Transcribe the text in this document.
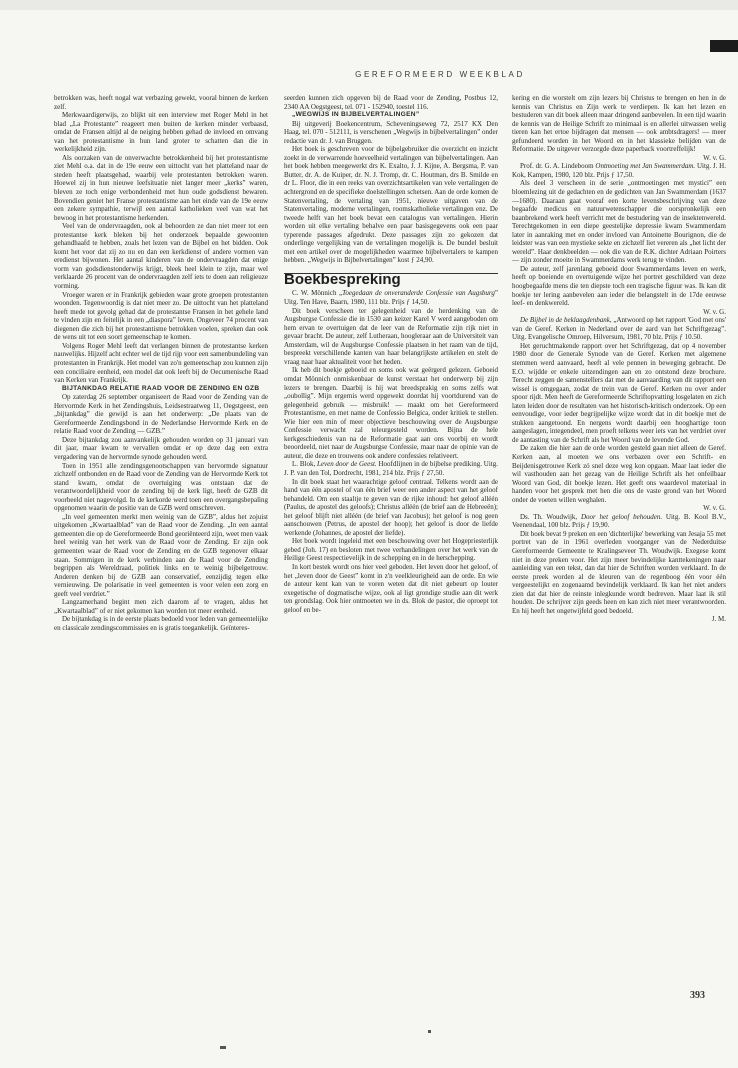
GEREFORMEERD WEEKBLAD

betrokken was, heeft nogal wat verbazing gewekt, vooral binnen de kerken zelf.

Merkwaardigerwijs, zo blijkt uit een interview met Roger Mehl in het blad „La Protestante” reageert men buiten de kerken minder verbaasd, omdat de Fransen altijd al de neiging hebben gehad de invloed en omvang van het protestantisme in hun land groter te schatten dan die in werkelijkheid zijn.

Als oorzaken van de onverwachte betrokkenheid bij het protestantisme ziet Mehl o.a. dat in de 19e eeuw een uittocht van het platteland naar de steden heeft plaatsgehad, waarbij vele protestanten betrokken waren. Hoewel zij in hun nieuwe leefsituatie niet langer meer „kerks” waren, bleven ze toch enige verbondenheid met hun oude godsdienst bewaren. Bovendien geniet het Franse protestantisme aan het einde van de 19e eeuw een zekere sympathie, terwijl een aantal katholieken veel van wat het bewoog in het protestantisme herkenden.

Veel van de ondervraagden, ook al behoorden ze dan niet meer tot een protestantse kerk bleken bij het onderzoek bepaalde gewoonten gehandhaafd te hebben, zoals het lezen van de Bijbel en het bidden. Ook komt het voor dat zij zo nu en dan een kerkdienst of andere vormen van eredienst bijwonen. Het aantal kinderen van de ondervraagden dat enige vorm van godsdienstonderwijs krijgt, bleek heel klein te zijn, maar wel verklaarde 26 procent van de ondervraagden zelf iets te doen aan religieuze vorming.

Vroeger waren er in Frankrijk gebieden waar grote groepen protestanten woonden. Tegenwoordig is dat niet meer zo. De uittocht van het platteland heeft mede tot gevolg gehad dat de protestantse Fransen in het gehele land te vinden zijn en feitelijk in een „diaspora” leven. Ongeveer 74 procent van diegenen die zich bij het protestantisme betrokken voelen, spreken dan ook de wens uit tot een soort gemeenschap te komen.

Volgens Roger Mehl leeft dat verlangen binnen de protestantse kerken nauwelijks. Hijzelf acht echter wel de tijd rijp voor een samenbundeling van protestanten in Frankrijk. Het model van zo'n gemeenschap zou kunnen zijn een conciliaire eenheid, een model dat ook leeft bij de Oecumenische Raad van Kerken van Frankrijk.

BIJTANKDAG RELATIE RAAD VOOR DE ZENDING EN GZB

Op zaterdag 26 september organiseert de Raad voor de Zending van de Hervormde Kerk in het Zendingshuis, Leidsestraatweg 11, Oegstgeest, een „bijtankdag” die gewijd is aan het onderwerp: „De plaats van de Gereformeerde Zendingsbond in de Nederlandse Hervormde Kerk en de relatie Raad voor de Zending — GZB.”

Deze bijtankdag zou aanvankelijk gehouden worden op 31 januari van dit jaar, maar kwam te vervallen omdat er op deze dag een extra vergadering van de hervormde synode gehouden werd.

Toen in 1951 alle zendingsgenootschappen van hervormde signatuur zichzelf ontbonden en de Raad voor de Zending van de Hervormde Kerk tot stand kwam, omdat de overtuiging was ontstaan dat de verantwoordelijkheid voor de zending bij de kerk ligt, heeft de GZB dit voorbeeld niet nagevolgd. In de kerkorde werd toen een overgangsbepaling opgenomen waarin de positie van de GZB werd omschreven.

„In veel gemeenten merkt men weinig van de GZB”, aldus het zojuist uitgekomen „Kwartaalblad” van de Raad voor de Zending. „In een aantal gemeenten die op de Gereformeerde Bond georiënteerd zijn, weet men vaak heel weinig van het werk van de Raad voor de Zending. Er zijn ook gemeenten waar de Raad voor de Zending en de GZB tegenover elkaar staan. Sommigen in de kerk verbinden aan de Raad voor de Zending begrippen als Wereldraad, politiek links en te weinig bijbelgetrouw. Anderen denken bij de GZB aan conservatief, eenzijdig tegen elke vernieuwing. De polarisatie in veel gemeenten is voor velen een zorg en geeft veel verdriet.”

Langzamerhand begint men zich daarom af te vragen, aldus het „Kwartaalblad” of er niet gekomen kan worden tot meer eenheid.

De bijtankdag is in de eerste plaats bedoeld voor leden van gemeentelijke en classicale zendingscommissies en is gratis toegankelijk. Geïnteres-

seerden kunnen zich opgeven bij de Raad voor de Zending, Postbus 12, 2340 AA Oegstgeest, tel. 071 - 152940, toestel 116.

„WEGWIJS IN BIJBELVERTALINGEN”

Bij uitgeverij Boekencentrum, Scheveningseweg 72, 2517 KX Den Haag, tel. 070 - 512111, is verschenen „Wegwijs in bijbelvertalingen” onder redactie van dr. J. van Bruggen.

Het boek is geschreven voor de bijbelgebruiker die overzicht en inzicht zoekt in de verwarrende hoeveelheid vertalingen van bijbelvertalingen. Aan het boek hebben meegewerkt drs K. Exalto, J. J. Kijne, A. Bergsma, P. van Butter, dr. A. de Kuiper, dr. N. J. Tromp, dr. C. Houtman, drs B. Smilde en dr L. Floor, die in een reeks van overzichtsartikelen van vele vertalingen de achtergrond en de specifieke doelstellingen schetsen. Aan de orde komen de Statenvertaling, de vertaling van 1951, nieuwe uitgaven van de Statenvertaling, moderne vertalingen, roomskatholieke vertalingen enz. De tweede helft van het boek bevat een catalogus van vertalingen. Hierin worden uit elke vertaling behalve een paar basisgegevens ook een paar typerende passages afgedrukt. Deze passages zijn zo gekozen dat onderlinge vergelijking van de vertalingen mogelijk is. De bundel besluit met een artikel over de mogelijkheden waarmee bijbelvertalers te kampen hebben. „Wegwijs in Bijbelvertalingen” kost ƒ 24,90.

Boekbespreking

C. W. Mönnich „Toegedaan de onveranderde Confessie van Augsburg” Uitg. Ten Have, Baarn, 1980, 111 blz. Prijs ƒ 14,50.

Dit boek verscheen ter gelegenheid van de herdenking van de Augsburgse Confessie die in 1530 aan keizer Karel V werd aangeboden om hem ervan te overtuigen dat de leer van de Reformatie zijn rijk niet in gevaar bracht. De auteur, zelf Lutheraan, hoogleraar aan de Universiteit van Amsterdam, wil de Augsburgse Confessie plaatsen in het raam van de tijd, bespreekt verschillende kanten van haar belangrijkste artikelen en stelt de vraag naar haar aktualiteit voor het heden.

Ik heb dit boekje geboeid en soms ook wat geërgerd gelezen. Geboeid omdat Mönnich onmiskenbaar de kunst verstaat het onderwerp bij zijn lezers te brengen. Daarbij is hij wat breedsprakig en soms zelfs wat „oubollig”. Mijn ergernis werd opgewekt doordat hij voortdurend van de gelegenheid gebruik — misbruik! — maakt om het Gereformeerd Protestantisme, en met name de Confessio Belgica, onder kritiek te stellen. Wie hier een min of meer objectieve beschouwing over de Augsburgse Confessie verwacht zal teleurgesteld worden. Bijna de hele kerkgeschiedenis van na de Reformatie gaat aan ons voorbij en wordt beoordeeld, niet naar de Augsburgse Confessie, maar naar de opinie van de auteur, die deze en trouwens ook andere confessies relativeert.

L. Blok, Leven door de Geest. Hoofdlijnen in de bijbelse prediking. Uitg. J. P. van den Tol, Dordrecht, 1981, 214 blz. Prijs ƒ 27,50.

In dit boek staat het waarachtige geloof centraal. Telkens wordt aan de hand van één apostel of van één brief weer een ander aspect van het geloof behandeld. Om een staaltje te geven van de rijke inhoud: het geloof alléén (Paulus, de apostel des geloofs); Christus alléén (de brief aan de Hebreeën); het geloof blijft niet alléén (de brief van Jacobus); het geloof is nog geen aanschouwen (Petrus, de apostel der hoop); het geloof is door de liefde werkende (Johannes, de apostel der liefde).

Het boek wordt ingeleid met een beschouwing over het Hogepriesterlijk gebed (Joh. 17) en besloten met twee verhandelingen over het werk van de Heilige Geest respectievelijk in de schepping en in de herschepping.

In kort bestek wordt ons hier veel geboden. Het leven door het geloof, of het „leven door de Geest” komt in z'n veelkleurigheid aan de orde. En wie de auteur kent kan van te voren weten dat dit niet gebeurt op louter exegetische of dogmatische wijze, ook al ligt grondige studie aan dit werk ten grondslag. Ook hier ontmoeten we in ds. Blok de pastor, die oproept tot geloof en be-

kering en die worstelt om zijn lezers bij Christus te brengen en hen in de kennis van Christus en Zijn werk te verdiepen. Ik kan het lezen en bestuderen van dit boek alleen maar dringend aanbevelen. In een tijd waarin de kennis van de Heilige Schrift zo minimaal is en allerlei uitwassen welig tieren kan het ertoe bijdragen dat mensen — ook ambtsdragers! — meer gefundeerd worden in het Woord en in het klassieke belijden van de Reformatie. De uitgever verzorgde deze paperback voortreffelijk!

W. v. G.

Prof. dr. G. A. Lindeboom Ontmoeting met Jan Swammerdam. Uitg. J. H. Kok, Kampen, 1980, 120 blz. Prijs ƒ 17,50.

Als deel 3 verscheen in de serie „ontmoetingen met mystici” een bloemlezing uit de gedachten en de gedichten van Jan Swammerdam (1637—1680). Daaraan gaat vooraf een korte levensbeschrijving van deze begaafde medicus en natuurwetenschapper die oorspronkelijk een baanbrekend werk heeft verricht met de bestudering van de insektenwereld. Terechtgekomen in een diepe geestelijke depressie kwam Swammerdam later in aanraking met en onder invloed van Antoinette Bourignon, die de leidster was van een mystieke sekte en zichzelf liet vereren als „het licht der wereld”. Haar denkbeelden — ook die van de R.K. dichter Adriaan Poirters — zijn zonder moeite in Swammerdams werk terug te vinden.

De auteur, zelf jarenlang geboeid door Swammerdams leven en werk, heeft op boeiende en overtuigende wijze het portret geschilderd van deze hoogbegaafde mens die ten diepste toch een tragische figuur was. Ik kan dit boekje ter lering aanbevelen aan ieder die belangstelt in de 17de eeuwse leef- en denkwereld.

W. v. G.

De Bijbel in de beklaagdenbank, „Antwoord op het rapport 'God met ons' van de Geref. Kerken in Nederland over de aard van het Schriftgezag”. Uitg. Evangelische Omroep, Hilversum, 1981, 70 blz. Prijs ƒ 10.50.

Het geruchtmakende rapport over het Schriftgezag, dat op 4 november 1980 door de Generale Synode van de Geref. Kerken met algemene stemmen werd aanvaard, heeft al vele pennen in beweging gebracht. De E.O. wijdde er enkele uitzendingen aan en zo ontstond deze brochure. Terecht zeggen de samenstellers dat met de aanvaarding van dit rapport een wissel is omgegaan, zodat de trein van de Geref. Kerken nu over ander spoor rijdt. Men heeft de Gereformeerde Schriftopvatting losgelaten en zich laten leiden door de resultaten van het historisch-kritisch onderzoek. Op een eenvoudige, voor ieder begrijpelijke wijze wordt dat in dit boekje met de stukken aangetoond. En nergens wordt daarbij een hooghartige toon aangeslagen, integendeel, men proeft telkens weer iets van het verdriet over de aantasting van de Schrift als het Woord van de levende God.

De zaken die hier aan de orde worden gesteld gaan niet alleen de Geref. Kerken aan, al moeten we ons verbazen over een Schrift- en Beijdenisgetrouwe Kerk zó snel deze weg kon opgaan. Maar laat ieder die wil vasthouden aan het gezag van de Heilige Schrift als het onfeilbaar Woord van God, dit boekje lezen. Het geeft ons waardevol materiaal in handen voor het gesprek met hen die ons de vaste grond van het Woord onder de voeten willen weghalen.

W. v. G.

Ds. Th. Woudwijk, Door het geloof behouden. Uitg. B. Kool B.V., Veenendaal, 100 blz. Prijs ƒ 19,90.

Dit boek bevat 9 preken en een 'dichterlijke' bewerking van Jesaja 55 met portret van de in 1961 overleden voorganger van de Nederduitse Gereformeerde Gemeente te Kralingseveer Th. Woudwijk. Exegese komt niet in deze preken voor. Het zijn meer bevindelijke kanttekeningen naar aanleiding van een tekst, dan dat hier de Schriften worden verklaard. In de eerste preek worden al de kleuren van de regenboog één voor één vergeestelijkt en zogenaamd bevindelijk verklaard. Ik kan het niet anders zien dat dat hier de reinste inlegkunde wordt bedreven. Maar laat ik stil houden. De schrijver zijn geeds heen en kan zich niet meer verantwoorden. En hij heeft het ongetwijfeld goed bedoeld.

J. M.

393
